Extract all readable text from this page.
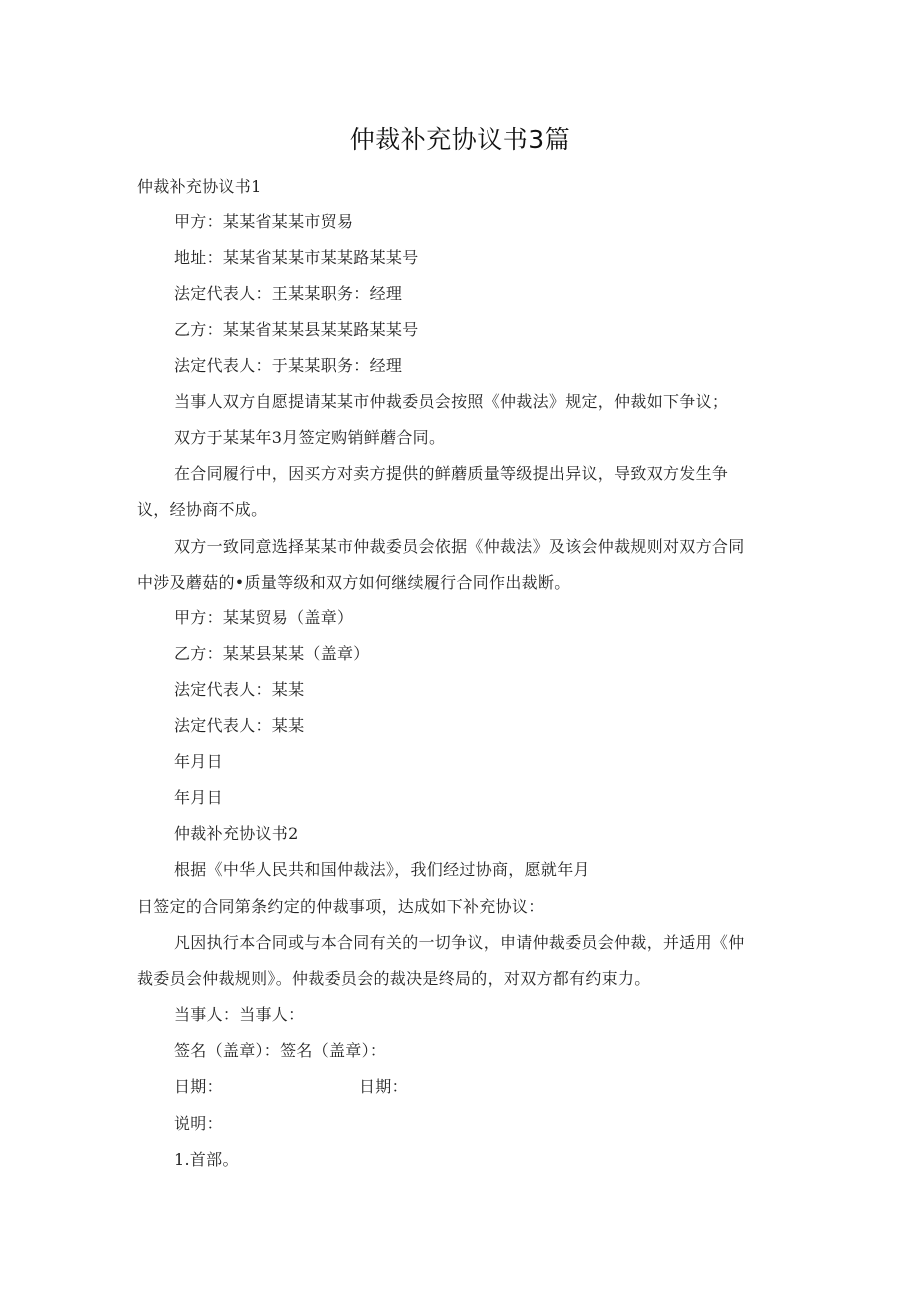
仲裁补充协议书3篇
仲裁补充协议书1
甲方：某某省某某市贸易
地址：某某省某某市某某路某某号
法定代表人：王某某职务：经理
乙方：某某省某某县某某路某某号
法定代表人：于某某职务：经理
当事人双方自愿提请某某市仲裁委员会按照《仲裁法》规定，仲裁如下争议；
双方于某某年3月签定购销鲜蘑合同。
在合同履行中，因买方对卖方提供的鲜蘑质量等级提出异议，导致双方发生争
议，经协商不成。
双方一致同意选择某某市仲裁委员会依据《仲裁法》及该会仲裁规则对双方合同
中涉及蘑菇的•质量等级和双方如何继续履行合同作出裁断。
甲方：某某贸易（盖章）
乙方：某某县某某（盖章）
法定代表人：某某
法定代表人：某某
年月日
年月日
仲裁补充协议书2
根据《中华人民共和国仲裁法》，我们经过协商，愿就年月
日签定的合同第条约定的仲裁事项，达成如下补充协议：
凡因执行本合同或与本合同有关的一切争议，申请仲裁委员会仲裁，并适用《仲
裁委员会仲裁规则》。仲裁委员会的裁决是终局的，对双方都有约束力。
当事人：当事人：
签名（盖章）：签名（盖章）：
日期：	日期：
说明：
1.首部。
